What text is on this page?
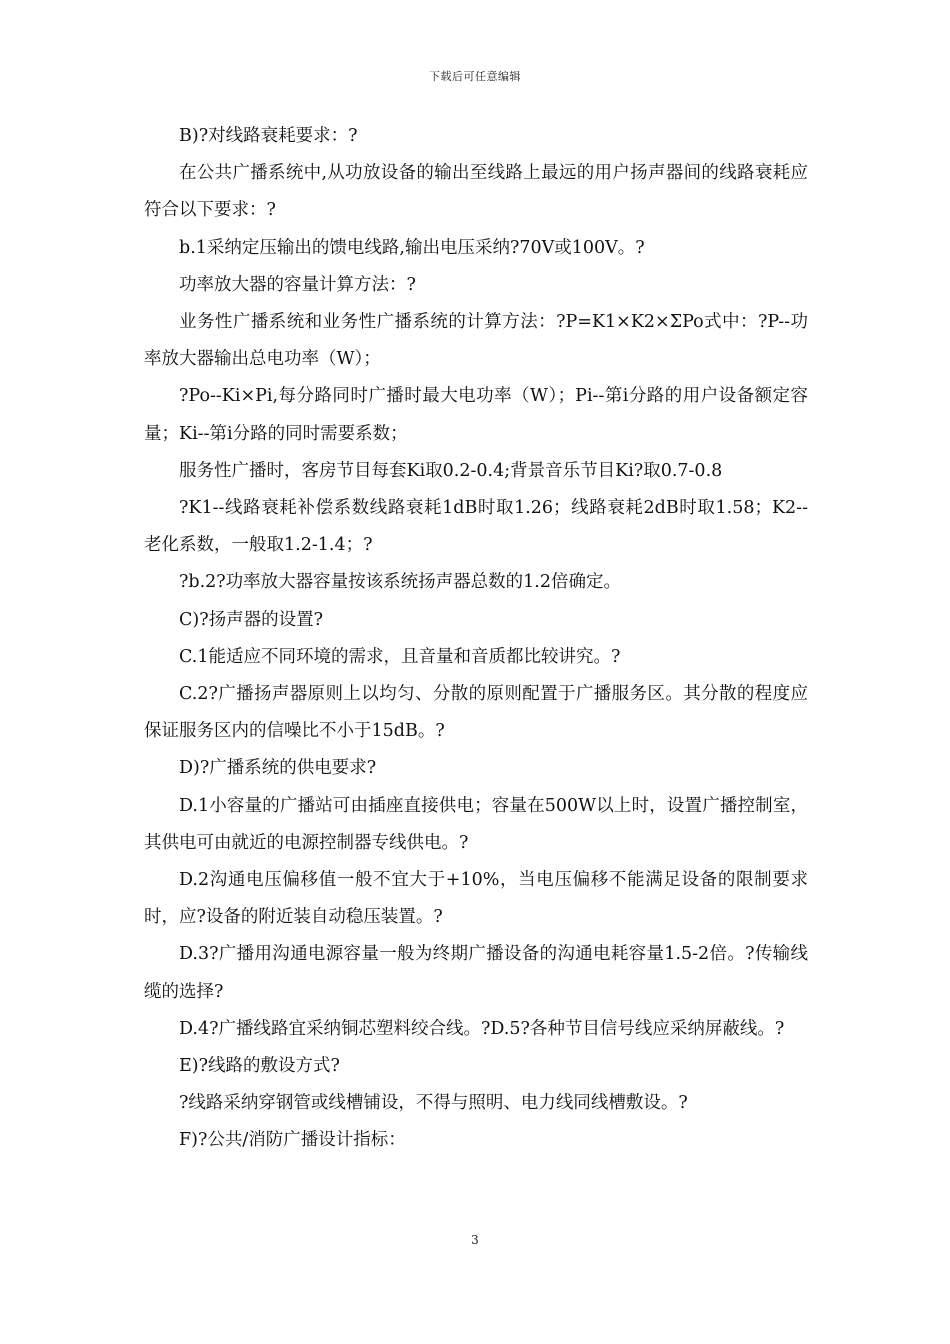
下载后可任意编辑

B)?对线路衰耗要求：?

在公共广播系统中,从功放设备的输出至线路上最远的用户扬声器间的线路衰耗应符合以下要求：?

b.1采纳定压输出的馈电线路,输出电压采纳?70V或100V。?

功率放大器的容量计算方法：?

业务性广播系统和业务性广播系统的计算方法：?P=K1×K2×ΣPo式中：?P--功率放大器输出总电功率（W）；

?Po--Ki×Pi,每分路同时广播时最大电功率（W）；Pi--第i分路的用户设备额定容量；Ki--第i分路的同时需要系数；

服务性广播时，客房节目每套Ki取0.2-0.4;背景音乐节目Ki?取0.7-0.8

?K1--线路衰耗补偿系数线路衰耗1dB时取1.26；线路衰耗2dB时取1.58；K2--老化系数，一般取1.2-1.4；?

?b.2?功率放大器容量按该系统扬声器总数的1.2倍确定。

C)?扬声器的设置?

C.1能适应不同环境的需求，且音量和音质都比较讲究。?

C.2?广播扬声器原则上以均匀、分散的原则配置于广播服务区。其分散的程度应保证服务区内的信噪比不小于15dB。?

D)?广播系统的供电要求?

D.1小容量的广播站可由插座直接供电；容量在500W以上时，设置广播控制室，其供电可由就近的电源控制器专线供电。?

D.2沟通电压偏移值一般不宜大于+10%，当电压偏移不能满足设备的限制要求时，应?设备的附近装自动稳压装置。?

D.3?广播用沟通电源容量一般为终期广播设备的沟通电耗容量1.5-2倍。?传输线缆的选择?

D.4?广播线路宜采纳铜芯塑料绞合线。?D.5?各种节目信号线应采纳屏蔽线。?

E)?线路的敷设方式?

?线路采纳穿钢管或线槽铺设，不得与照明、电力线同线槽敷设。?

F)?公共/消防广播设计指标：

3
